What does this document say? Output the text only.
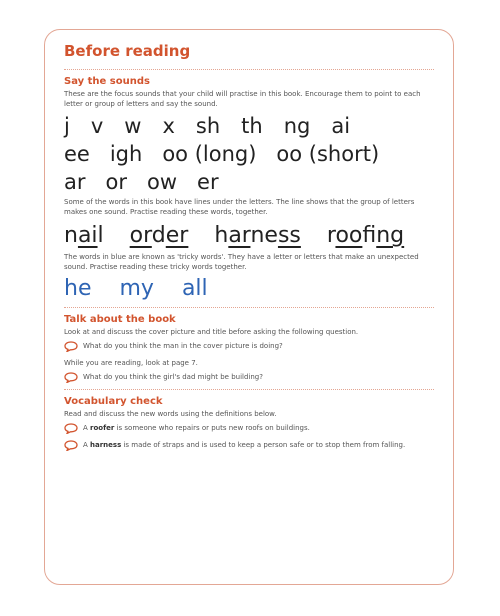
Before reading
Say the sounds

These are the focus sounds that your child will practise in this book. Encourage them to point to each letter or group of letters and say the sound.

j v w x sh th ng ai
ee igh oo (long) oo (short)
ar or ow er

Some of the words in this book have lines under the letters. The line shows that the group of letters makes one sound. Practise reading these words, together.

nail order harness roofng

The words in blue are known as 'tricky words'. They have a letter or letters that make an unexpected sound. Practise reading these tricky words together.

he my all
Talk about the book

Look at and discuss the cover picture and title before asking the following question.

What do you think the man in the cover picture is doing?

While you are reading, look at page 7.

What do you think the girl's dad might be building?
Vocabulary check

Read and discuss the new words using the definitions below.

A roofer is someone who repairs or puts new roofs on buildings.
A harness is made of straps and is used to keep a person safe or to stop them from falling.
